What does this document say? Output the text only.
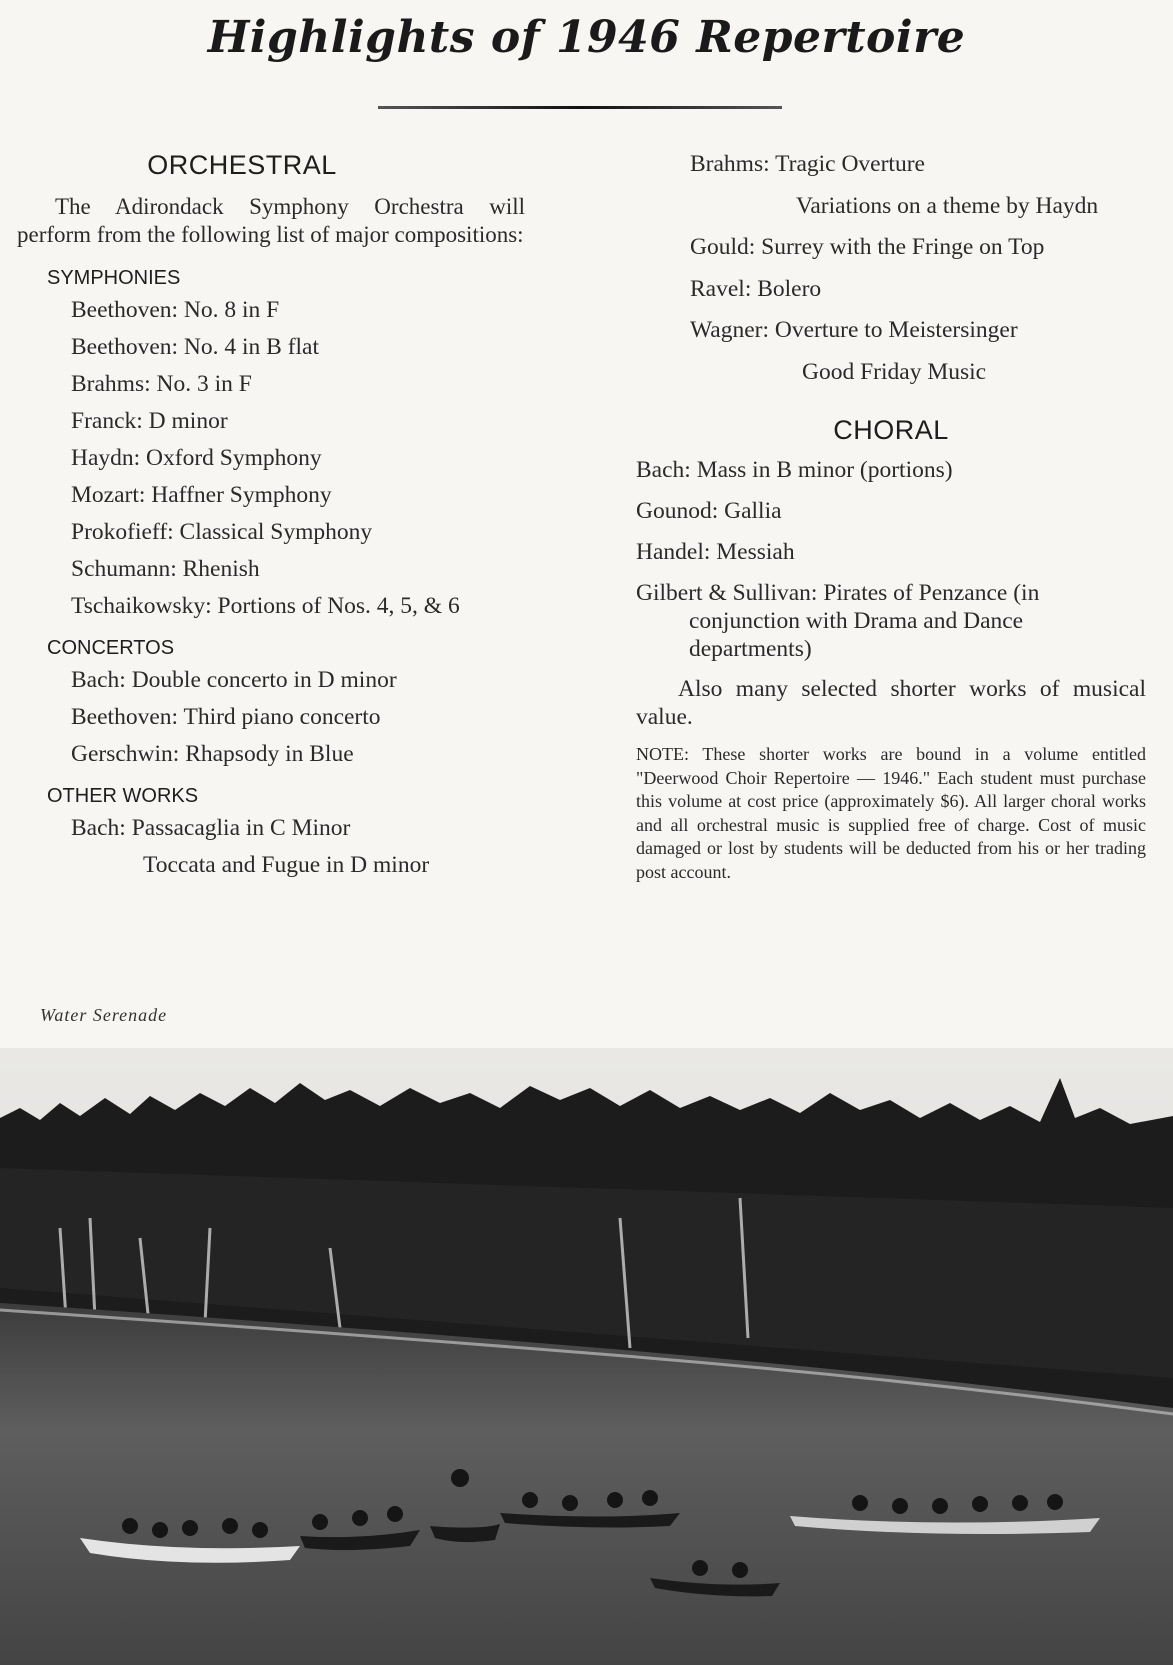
Highlights of 1946 Repertoire
ORCHESTRAL
The Adirondack Symphony Orchestra will perform from the following list of major compositions:
SYMPHONIES
Beethoven: No. 8 in F
Beethoven: No. 4 in B flat
Brahms: No. 3 in F
Franck: D minor
Haydn: Oxford Symphony
Mozart: Haffner Symphony
Prokofieff: Classical Symphony
Schumann: Rhenish
Tschaikowsky: Portions of Nos. 4, 5, & 6
CONCERTOS
Bach: Double concerto in D minor
Beethoven: Third piano concerto
Gerschwin: Rhapsody in Blue
OTHER WORKS
Bach: Passacaglia in C Minor
Toccata and Fugue in D minor
Brahms: Tragic Overture
Variations on a theme by Haydn
Gould: Surrey with the Fringe on Top
Ravel: Bolero
Wagner: Overture to Meistersinger
Good Friday Music
CHORAL
Bach: Mass in B minor (portions)
Gounod: Gallia
Handel: Messiah
Gilbert & Sullivan: Pirates of Penzance (in conjunction with Drama and Dance departments)
Also many selected shorter works of musical value.
NOTE: These shorter works are bound in a volume entitled "Deerwood Choir Repertoire — 1946." Each student must purchase this volume at cost price (approximately $6). All larger choral works and all orchestral music is supplied free of charge. Cost of music damaged or lost by students will be deducted from his or her trading post account.
Water Serenade
